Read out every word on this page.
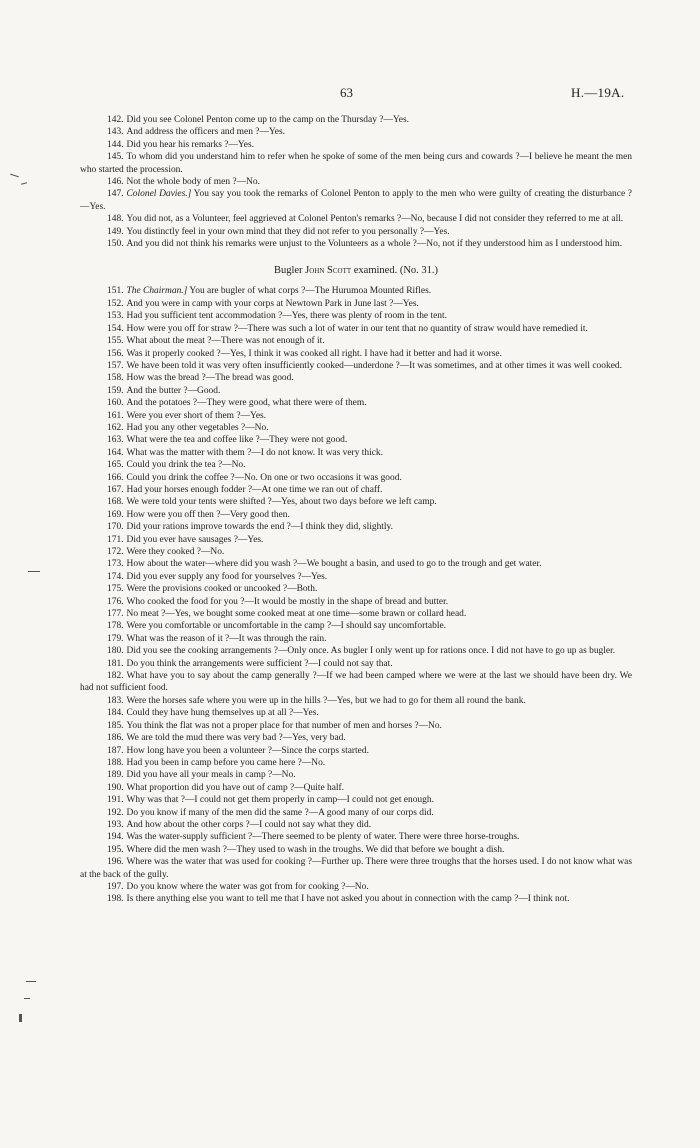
63	H.—19A.

142. Did you see Colonel Penton come up to the camp on the Thursday ?—Yes.

143. And address the officers and men ?—Yes.

144. Did you hear his remarks ?—Yes.

145. To whom did you understand him to refer when he spoke of some of the men being curs and cowards ?—I believe he meant the men who started the procession.

146. Not the whole body of men ?—No.

147. Colonel Davies.] You say you took the remarks of Colonel Penton to apply to the men who were guilty of creating the disturbance ?—Yes.

148. You did not, as a Volunteer, feel aggrieved at Colonel Penton's remarks ?—No, because I did not consider they referred to me at all.

149. You distinctly feel in your own mind that they did not refer to you personally ?—Yes.

150. And you did not think his remarks were unjust to the Volunteers as a whole ?—No, not if they understood him as I understood him.

Bugler John Scott examined. (No. 31.)

151. The Chairman.] You are bugler of what corps ?—The Hurumoa Mounted Rifles.

152. And you were in camp with your corps at Newtown Park in June last ?—Yes.

153. Had you sufficient tent accommodation ?—Yes, there was plenty of room in the tent.

154. How were you off for straw ?—There was such a lot of water in our tent that no quantity of straw would have remedied it.

155. What about the meat ?—There was not enough of it.

156. Was it properly cooked ?—Yes, I think it was cooked all right. I have had it better and had it worse.

157. We have been told it was very often insufficiently cooked—underdone ?—It was sometimes, and at other times it was well cooked.

158. How was the bread ?—The bread was good.

159. And the butter ?—Good.

160. And the potatoes ?—They were good, what there were of them.

161. Were you ever short of them ?—Yes.

162. Had you any other vegetables ?—No.

163. What were the tea and coffee like ?—They were not good.

164. What was the matter with them ?—I do not know. It was very thick.

165. Could you drink the tea ?—No.

166. Could you drink the coffee ?—No. On one or two occasions it was good.

167. Had your horses enough fodder ?—At one time we ran out of chaff.

168. We were told your tents were shifted ?—Yes, about two days before we left camp.

169. How were you off then ?—Very good then.

170. Did your rations improve towards the end ?—I think they did, slightly.

171. Did you ever have sausages ?—Yes.

172. Were they cooked ?—No.

173. How about the water—where did you wash ?—We bought a basin, and used to go to the trough and get water.

174. Did you ever supply any food for yourselves ?—Yes.

175. Were the provisions cooked or uncooked ?—Both.

176. Who cooked the food for you ?—It would be mostly in the shape of bread and butter.

177. No meat ?—Yes, we bought some cooked meat at one time—some brawn or collard head.

178. Were you comfortable or uncomfortable in the camp ?—I should say uncomfortable.

179. What was the reason of it ?—It was through the rain.

180. Did you see the cooking arrangements ?—Only once. As bugler I only went up for rations once. I did not have to go up as bugler.

181. Do you think the arrangements were sufficient ?—I could not say that.

182. What have you to say about the camp generally ?—If we had been camped where we were at the last we should have been dry. We had not sufficient food.

183. Were the horses safe where you were up in the hills ?—Yes, but we had to go for them all round the bank.

184. Could they have hung themselves up at all ?—Yes.

185. You think the flat was not a proper place for that number of men and horses ?—No.

186. We are told the mud there was very bad ?—Yes, very bad.

187. How long have you been a volunteer ?—Since the corps started.

188. Had you been in camp before you came here ?—No.

189. Did you have all your meals in camp ?—No.

190. What proportion did you have out of camp ?—Quite half.

191. Why was that ?—I could not get them properly in camp—I could not get enough.

192. Do you know if many of the men did the same ?—A good many of our corps did.

193. And how about the other corps ?—I could not say what they did.

194. Was the water-supply sufficient ?—There seemed to be plenty of water. There were three horse-troughs.

195. Where did the men wash ?—They used to wash in the troughs. We did that before we bought a dish.

196. Where was the water that was used for cooking ?—Further up. There were three troughs that the horses used. I do not know what was at the back of the gully.

197. Do you know where the water was got from for cooking ?—No.

198. Is there anything else you want to tell me that I have not asked you about in connection with the camp ?—I think not.
